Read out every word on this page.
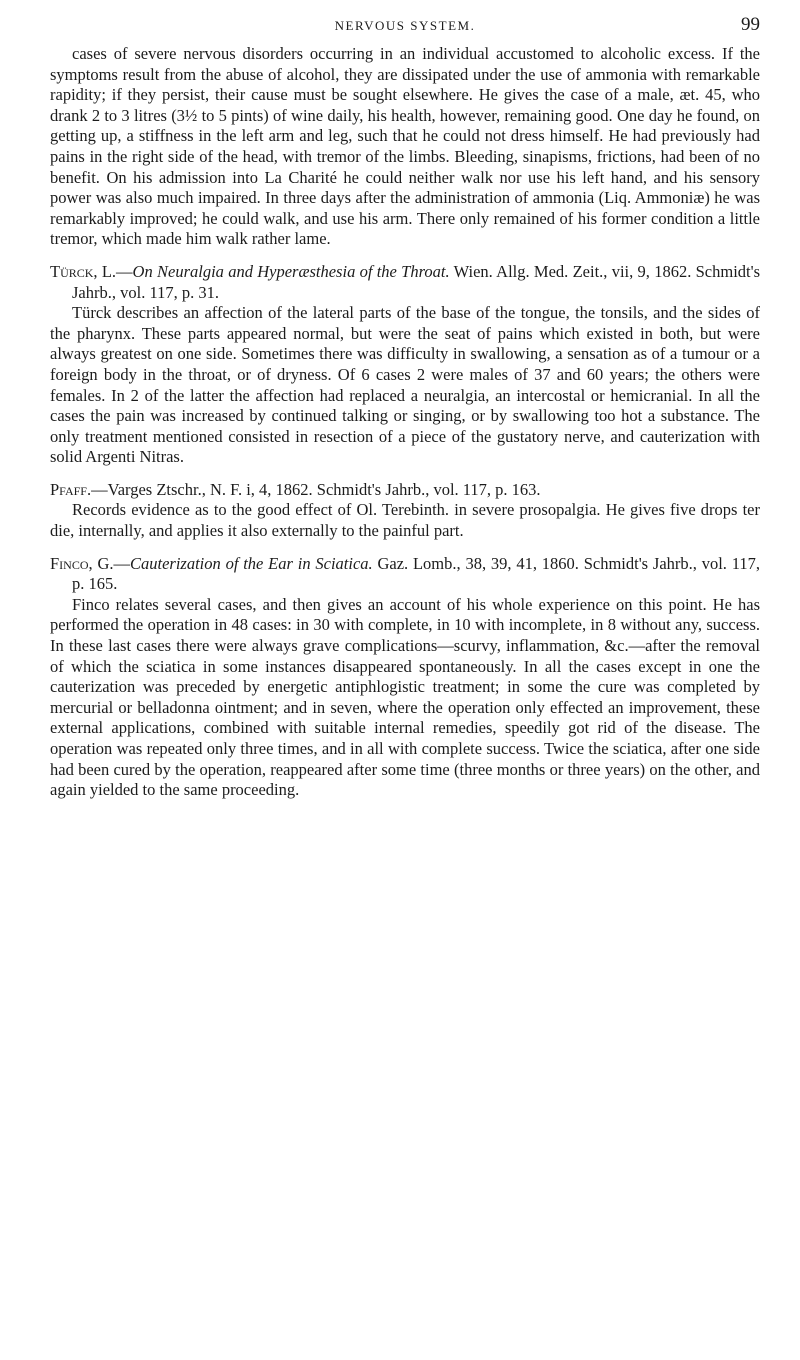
NERVOUS SYSTEM.	99

cases of severe nervous disorders occurring in an individual accustomed to alcoholic excess. If the symptoms result from the abuse of alcohol, they are dissipated under the use of ammonia with remarkable rapidity; if they persist, their cause must be sought elsewhere. He gives the case of a male, æt. 45, who drank 2 to 3 litres (3½ to 5 pints) of wine daily, his health, however, remaining good. One day he found, on getting up, a stiffness in the left arm and leg, such that he could not dress himself. He had previously had pains in the right side of the head, with tremor of the limbs. Bleeding, sinapisms, frictions, had been of no benefit. On his admission into La Charité he could neither walk nor use his left hand, and his sensory power was also much impaired. In three days after the administration of ammonia (Liq. Ammoniæ) he was remarkably improved; he could walk, and use his arm. There only remained of his former condition a little tremor, which made him walk rather lame.

Türck, L.—On Neuralgia and Hyperæsthesia of the Throat. Wien. Allg. Med. Zeit., vii, 9, 1862. Schmidt's Jahrb., vol. 117, p. 31.

Türck describes an affection of the lateral parts of the base of the tongue, the tonsils, and the sides of the pharynx. These parts appeared normal, but were the seat of pains which existed in both, but were always greatest on one side. Sometimes there was difficulty in swallowing, a sensation as of a tumour or a foreign body in the throat, or of dryness. Of 6 cases 2 were males of 37 and 60 years; the others were females. In 2 of the latter the affection had replaced a neuralgia, an intercostal or hemicranial. In all the cases the pain was increased by continued talking or singing, or by swallowing too hot a substance. The only treatment mentioned consisted in resection of a piece of the gustatory nerve, and cauterization with solid Argenti Nitras.

Pfaff.—Varges Ztschr., N. F. i, 4, 1862. Schmidt's Jahrb., vol. 117, p. 163.

Records evidence as to the good effect of Ol. Terebinth. in severe prosopalgia. He gives five drops ter die, internally, and applies it also externally to the painful part.

Finco, G.—Cauterization of the Ear in Sciatica. Gaz. Lomb., 38, 39, 41, 1860. Schmidt's Jahrb., vol. 117, p. 165.

Finco relates several cases, and then gives an account of his whole experience on this point. He has performed the operation in 48 cases: in 30 with complete, in 10 with incomplete, in 8 without any, success. In these last cases there were always grave complications—scurvy, inflammation, &c.—after the removal of which the sciatica in some instances disappeared spontaneously. In all the cases except in one the cauterization was preceded by energetic antiphlogistic treatment; in some the cure was completed by mercurial or belladonna ointment; and in seven, where the operation only effected an improvement, these external applications, combined with suitable internal remedies, speedily got rid of the disease. The operation was repeated only three times, and in all with complete success. Twice the sciatica, after one side had been cured by the operation, reappeared after some time (three months or three years) on the other, and again yielded to the same proceeding.
